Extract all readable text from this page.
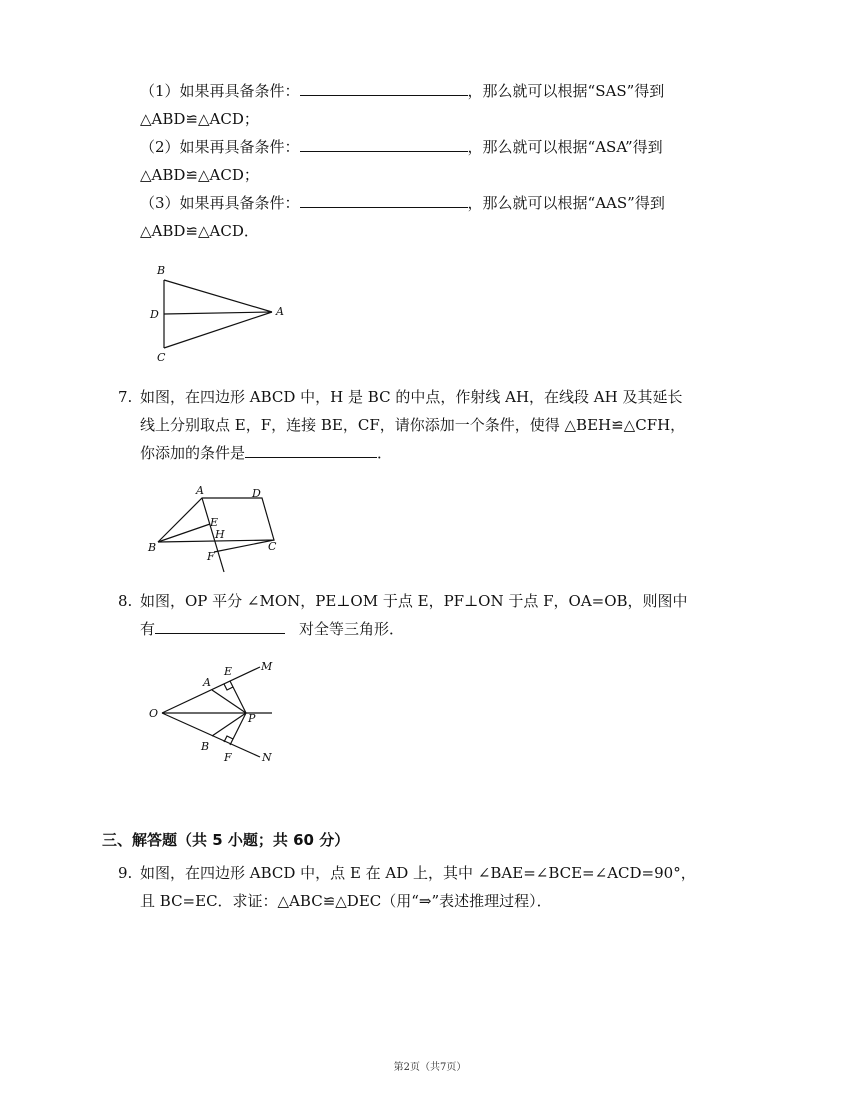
（1）如果再具备条件：	，那么就可以根据“SAS”得到
△ABD≌△ACD；
（2）如果再具备条件：	，那么就可以根据“ASA”得到
△ABD≌△ACD；
（3）如果再具备条件：	，那么就可以根据“AAS”得到
△ABD≌△ACD．
B
D
C
A
7. 如图，在四边形 ABCD 中，H 是 BC 的中点，作射线 AH，在线段 AH 及其延长
线上分别取点 E，F，连接 BE，CF，请你添加一个条件，使得 △BEH≌△CFH，
你添加的条件是	．
A	D
E
H
B	C
F
8. 如图，OP 平分 ∠MON，PE⊥OM 于点 E，PF⊥ON 于点 F，OA=OB，则图中
有	对全等三角形．
E	M
A
O	P
B
F	N
三、解答题（共 5 小题；共 60 分）
9. 如图，在四边形 ABCD 中，点 E 在 AD 上，其中 ∠BAE=∠BCE=∠ACD=90°，
且 BC=EC．求证：△ABC≌△DEC（用“⇒”表述推理过程）．
第2页（共7页）
